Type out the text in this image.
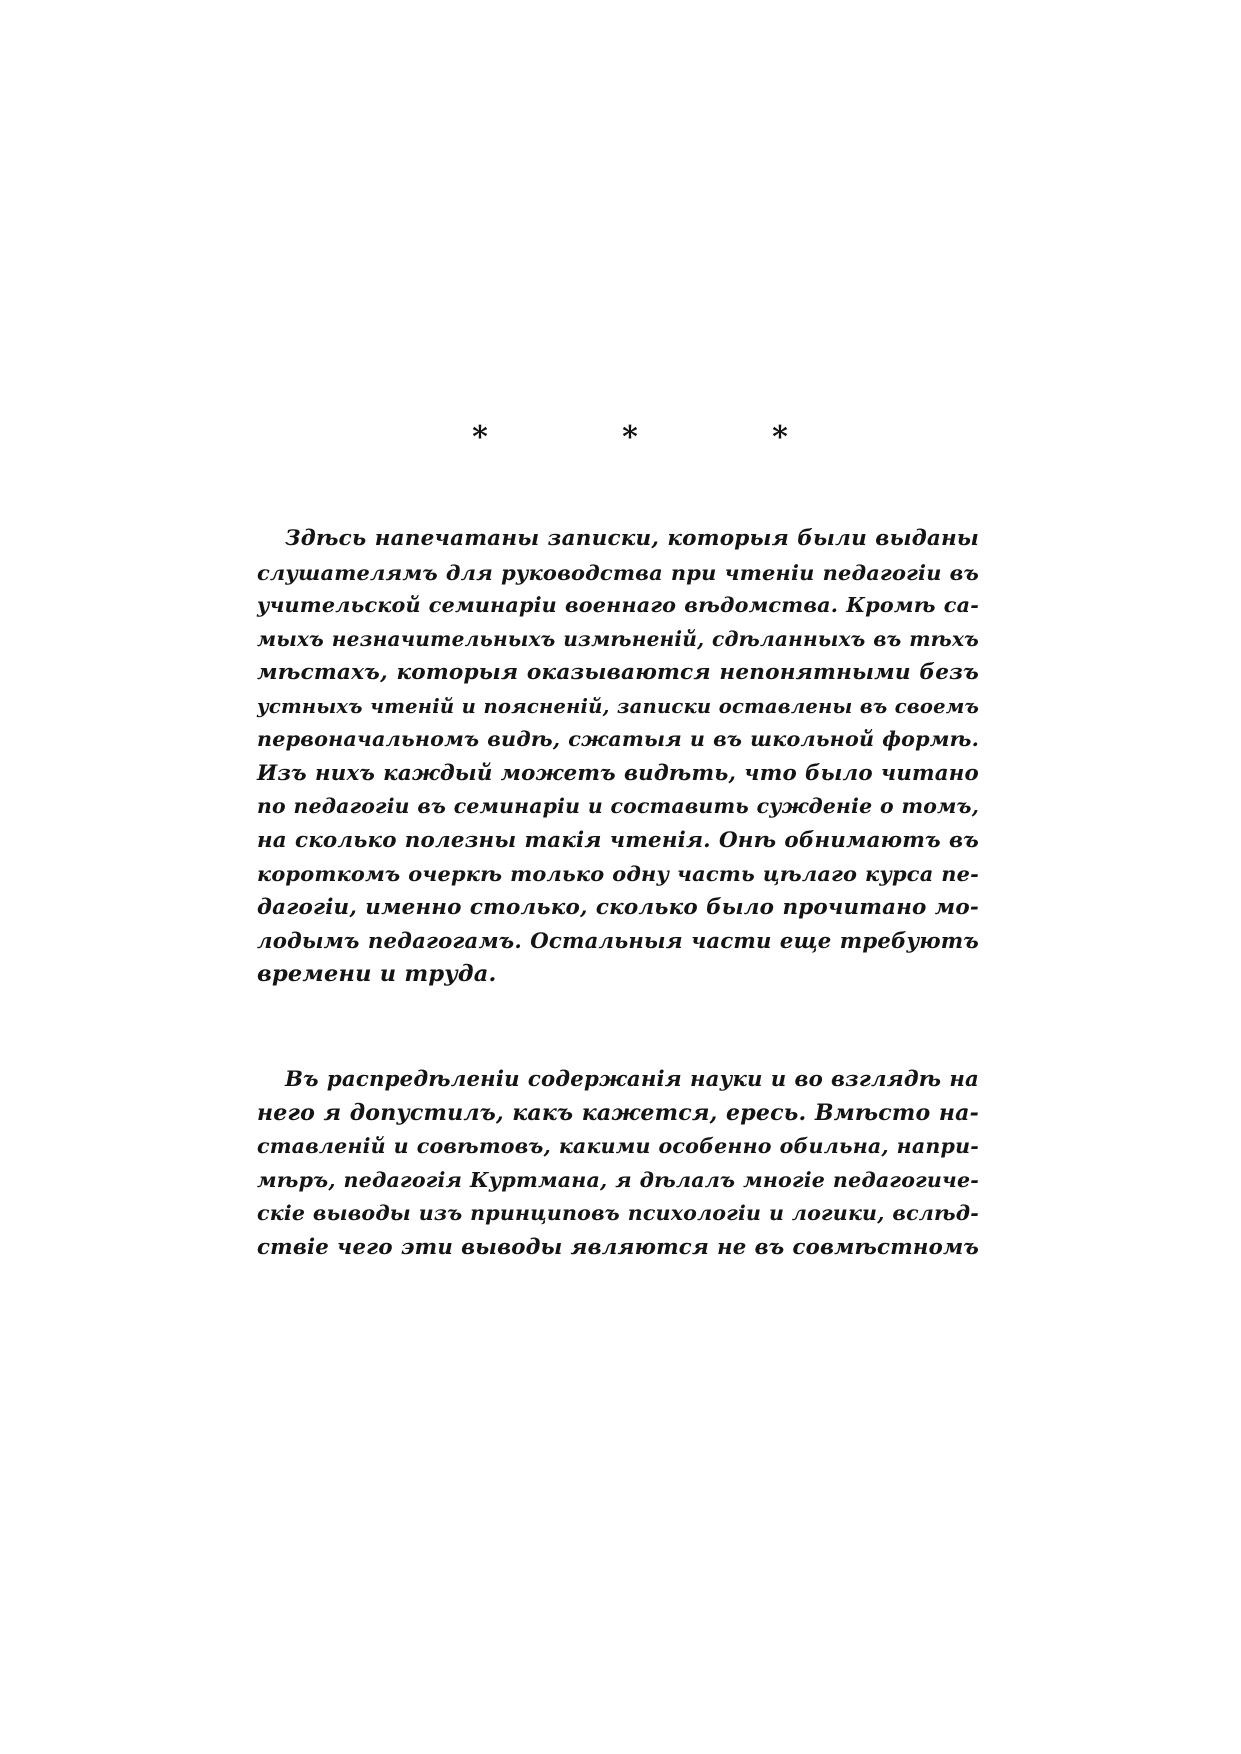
*	*	*
Здѣсь напечатаны записки, которыя были выданы
слушателямъ для руководства при чтеніи педагогіи въ
учительской семинаріи военнаго вѣдомства. Кромѣ са-
мыхъ незначительныхъ измѣненій, сдѣланныхъ въ тѣхъ
мѣстахъ, которыя оказываются непонятными безъ
устныхъ чтеній и поясненій, записки оставлены въ своемъ
первоначальномъ видѣ, сжатыя и въ школьной формѣ.
Изъ нихъ каждый можетъ видѣть, что было читано
по педагогіи въ семинаріи и составить сужденіе о томъ,
на сколько полезны такія чтенія. Онѣ обнимаютъ въ
короткомъ очеркѣ только одну часть цѣлаго курса пе-
дагогіи, именно столько, сколько было прочитано мо-
лодымъ педагогамъ. Остальныя части еще требуютъ
времени и труда.
Въ распредѣленіи содержанія науки и во взглядѣ на
него я допустилъ, какъ кажется, ересь. Вмѣсто на-
ставленій и совѣтовъ, какими особенно обильна, напри-
мѣръ, педагогія Куртмана, я дѣлалъ многіе педагогиче-
скіе выводы изъ принциповъ психологіи и логики, вслѣд-
ствіе чего эти выводы являются не въ совмѣстномъ
